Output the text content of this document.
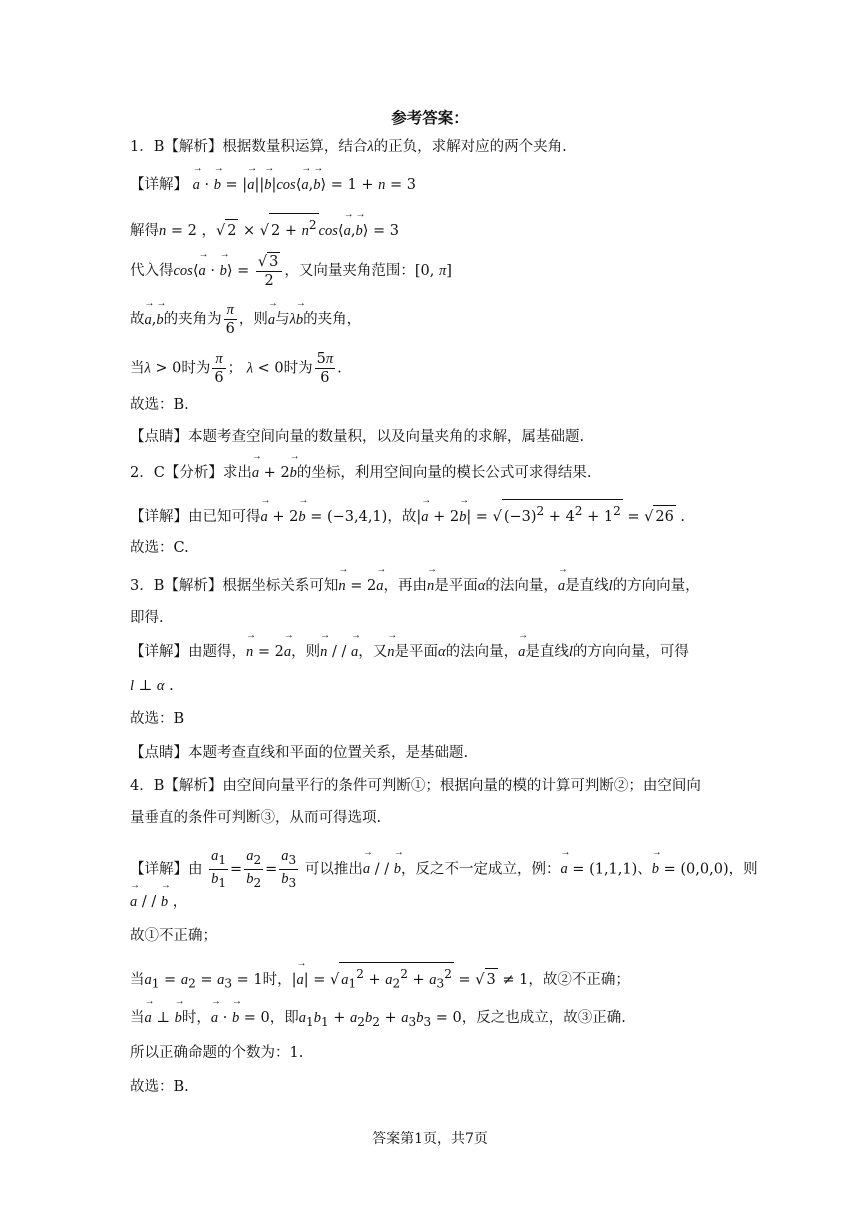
参考答案：
1．B【解析】根据数量积运算，结合λ的正负，求解对应的两个夹角.
【详解】 → a · → b = |→ a||→ b|cos⟨→ a,→ b⟩ = 1 + n = 3
解得n = 2 ，√ 2 × √ $2 + n^2$ cos⟨→ a,→ b⟩ = 3
代入得cos⟨→ a · → b⟩ = $\frac{√ 3}{2}$ ，又向量夹角范围：[0, π]
故→ a,→ b的夹角为 $\frac{\pi}{6}$ ，则→ a与λ→ b的夹角，
当λ > 0时为 $\frac{\pi}{6}$ ； λ < 0时为 $\frac{5\pi}{6}$ .
故选：B.
【点睛】本题考查空间向量的数量积，以及向量夹角的求解，属基础题.
2．C【分析】求出→ a + 2→ b的坐标，利用空间向量的模长公式可求得结果.
【详解】由已知可得→ a + 2→ b = (−3,4,1)，故|→ a + 2→ b| = √ $(-3)^2 + 4^2 + 1^2$ = √ 26 .
故选：C.
3．B【解析】根据坐标关系可知→ n = 2→ a，再由→ n是平面α的法向量，→ a是直线l的方向向量，
即得.
【详解】由题得，→ n = 2→ a，则→ n / / → a，又→ n是平面α的法向量，→ a是直线l的方向向量，可得
l ⊥ α .
故选：B
【点睛】本题考查直线和平面的位置关系，是基础题.
4．B【解析】由空间向量平行的条件可判断①；根据向量的模的计算可判断②；由空间向
量垂直的条件可判断③，从而可得选项.
【详解】由 $\frac{a_1}{b_1} = \frac{a_2}{b_2} = \frac{a_3}{b_3}$ 可以推出→ a / / → b，反之不一定成立，例：→ a = (1,1,1)、→ b = (0,0,0)，则
→ a / / → b ，
故①不正确；
当$a_1 = a_2 = a_3 = 1$时，|→ a| = √ $a_1^2 + a_2^2 + a_3^2$ = √ 3 ≠ 1，故②不正确；
当→ a ⊥ → b时，→ a · → b = 0，即$a_1b_1 + a_2b_2 + a_3b_3 = 0$，反之也成立，故③正确.
所以正确命题的个数为：1.
故选：B.
答案第1页，共7页
